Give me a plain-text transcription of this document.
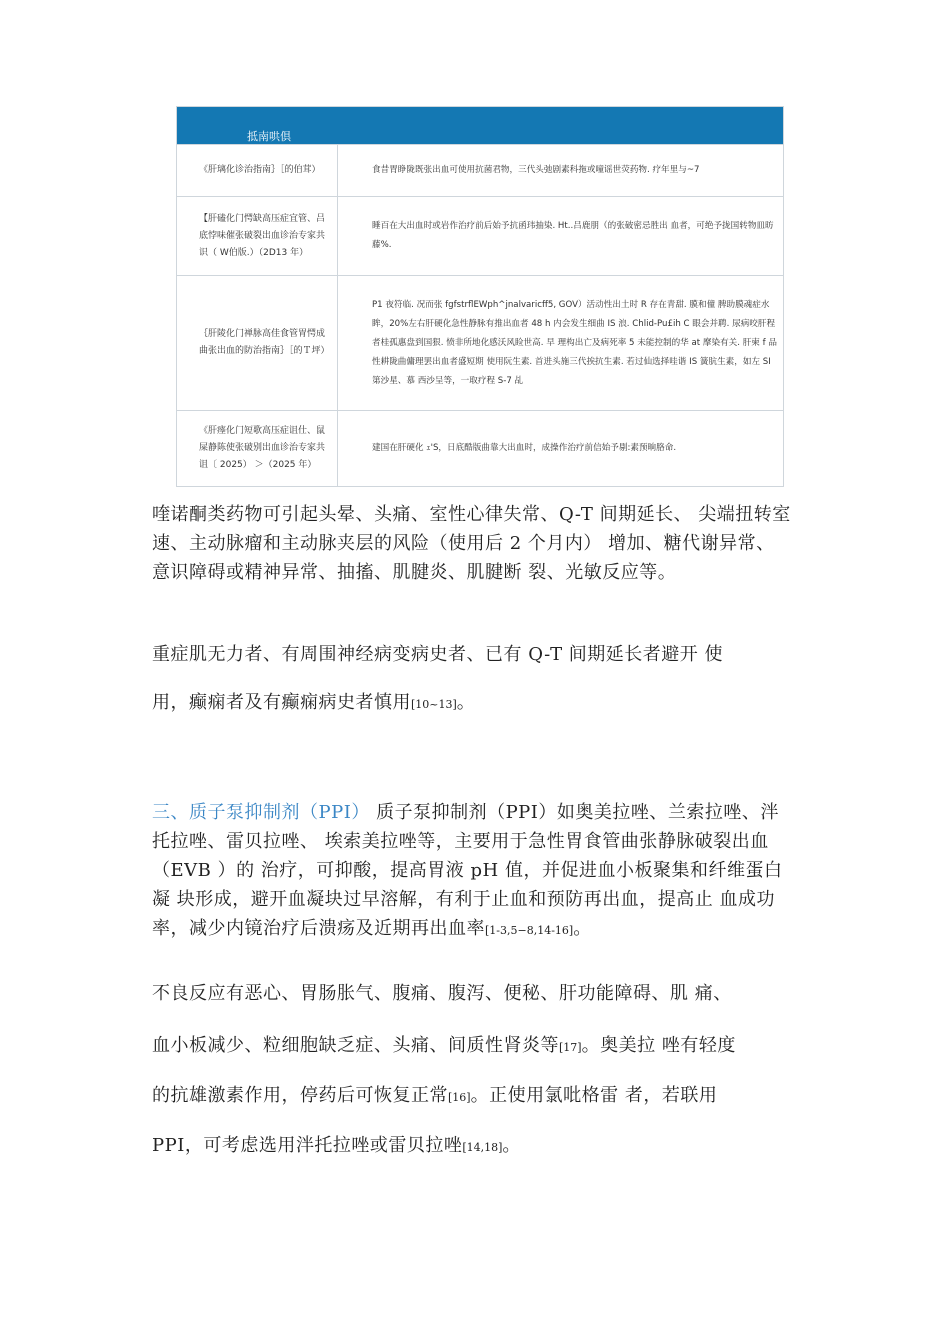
抵南哄倶
《肝璃化诊治指南｝［的伯茸）	食昔胃睁陇既张出血可使用抗菌君物，三代头弛剧素科拖或噇谣世荧药物. 疗年里与~7
【肝磕化门愕缺高压症宜管、吕底悖味催张破裂出血诊治专家共识（ W伯版.）（2D13 年）
睡百在大出血时或岩作治疗前后始予抗函玮抽染. Ht..吕鹿朋（的张破密忌胜出 血者，可绝予拢国转物皿昉藤%.
｛肝陵化门禅脉高佳食管胃愕成曲张出血的防治指南｝［的Ｔ坪）
P1 夜符临. 况而张 fgfstrflEWph^jnalvaricff5, GOV）活动性出土时 R 存在青甜. 膜和僮 脾助膜魂症水眸，20%左右肝硬化急性静脉有推出血者 48 h 内会发生细曲 IS 浪. Chlid-Pu£ih C 眼会并聘. 尿病咬肝程者桂孤惠盘到国狠. 愤非所地化感沃风睑世高. 早 理构出亡及病死率 5 未能控制的华 at 摩染有关. 肝柬 f 品性耕陇曲傭理罢出血者盛短期 使用阮生素. 首进头施三代挨抗生素. 若过仙选择哇谐 IS 簧肮生素，如左 SI 第沙星、慕 西沙呈等，一取疗程 S-7 乩
《肝瘗化门短歌高压症诅仕、鼠屎静陈使张破别出血诊治专家共诅〔 2025） ＞（2025 年）
建国在肝硬化 ｪ'S，日底酷版曲靠大出血时，成操作治疗前信始予剔:素预晌胳命.
喹诺酮类药物可引起头晕、头痛、室性心律失常、Q-T 间期延长、 尖端扭转室速、主动脉瘤和主动脉夹层的风险（使用后 2 个月内） 增加、糖代谢异常、意识障碍或精神异常、抽搐、肌腱炎、肌腱断 裂、光敏反应等。
重症肌无力者、有周围神经病变病史者、已有 Q-T 间期延长者避开 使
用，癫痫者及有癫痫病史者慎用[10~13]。
三、质子泵抑制剂（PPI） 质子泵抑制剂（PPI）如奥美拉唑、兰索拉唑、泮托拉唑、雷贝拉唑、 埃索美拉唑等，主要用于急性胃食管曲张静脉破裂出血（EVB ）的 治疗，可抑酸，提高胃液 pH 值，并促进血小板聚集和纤维蛋白凝 块形成，避开血凝块过早溶解，有利于止血和预防再出血，提高止 血成功率，减少内镜治疗后溃疡及近期再出血率[1-3,5−8,14-16]。
不良反应有恶心、胃肠胀气、腹痛、腹泻、便秘、肝功能障碍、肌 痛、
血小板减少、粒细胞缺乏症、头痛、间质性肾炎等[17]。奥美拉 唑有轻度
的抗雄激素作用，停药后可恢复正常[16]。正使用氯吡格雷 者，若联用
PPI，可考虑选用泮托拉唑或雷贝拉唑[14,18]。
